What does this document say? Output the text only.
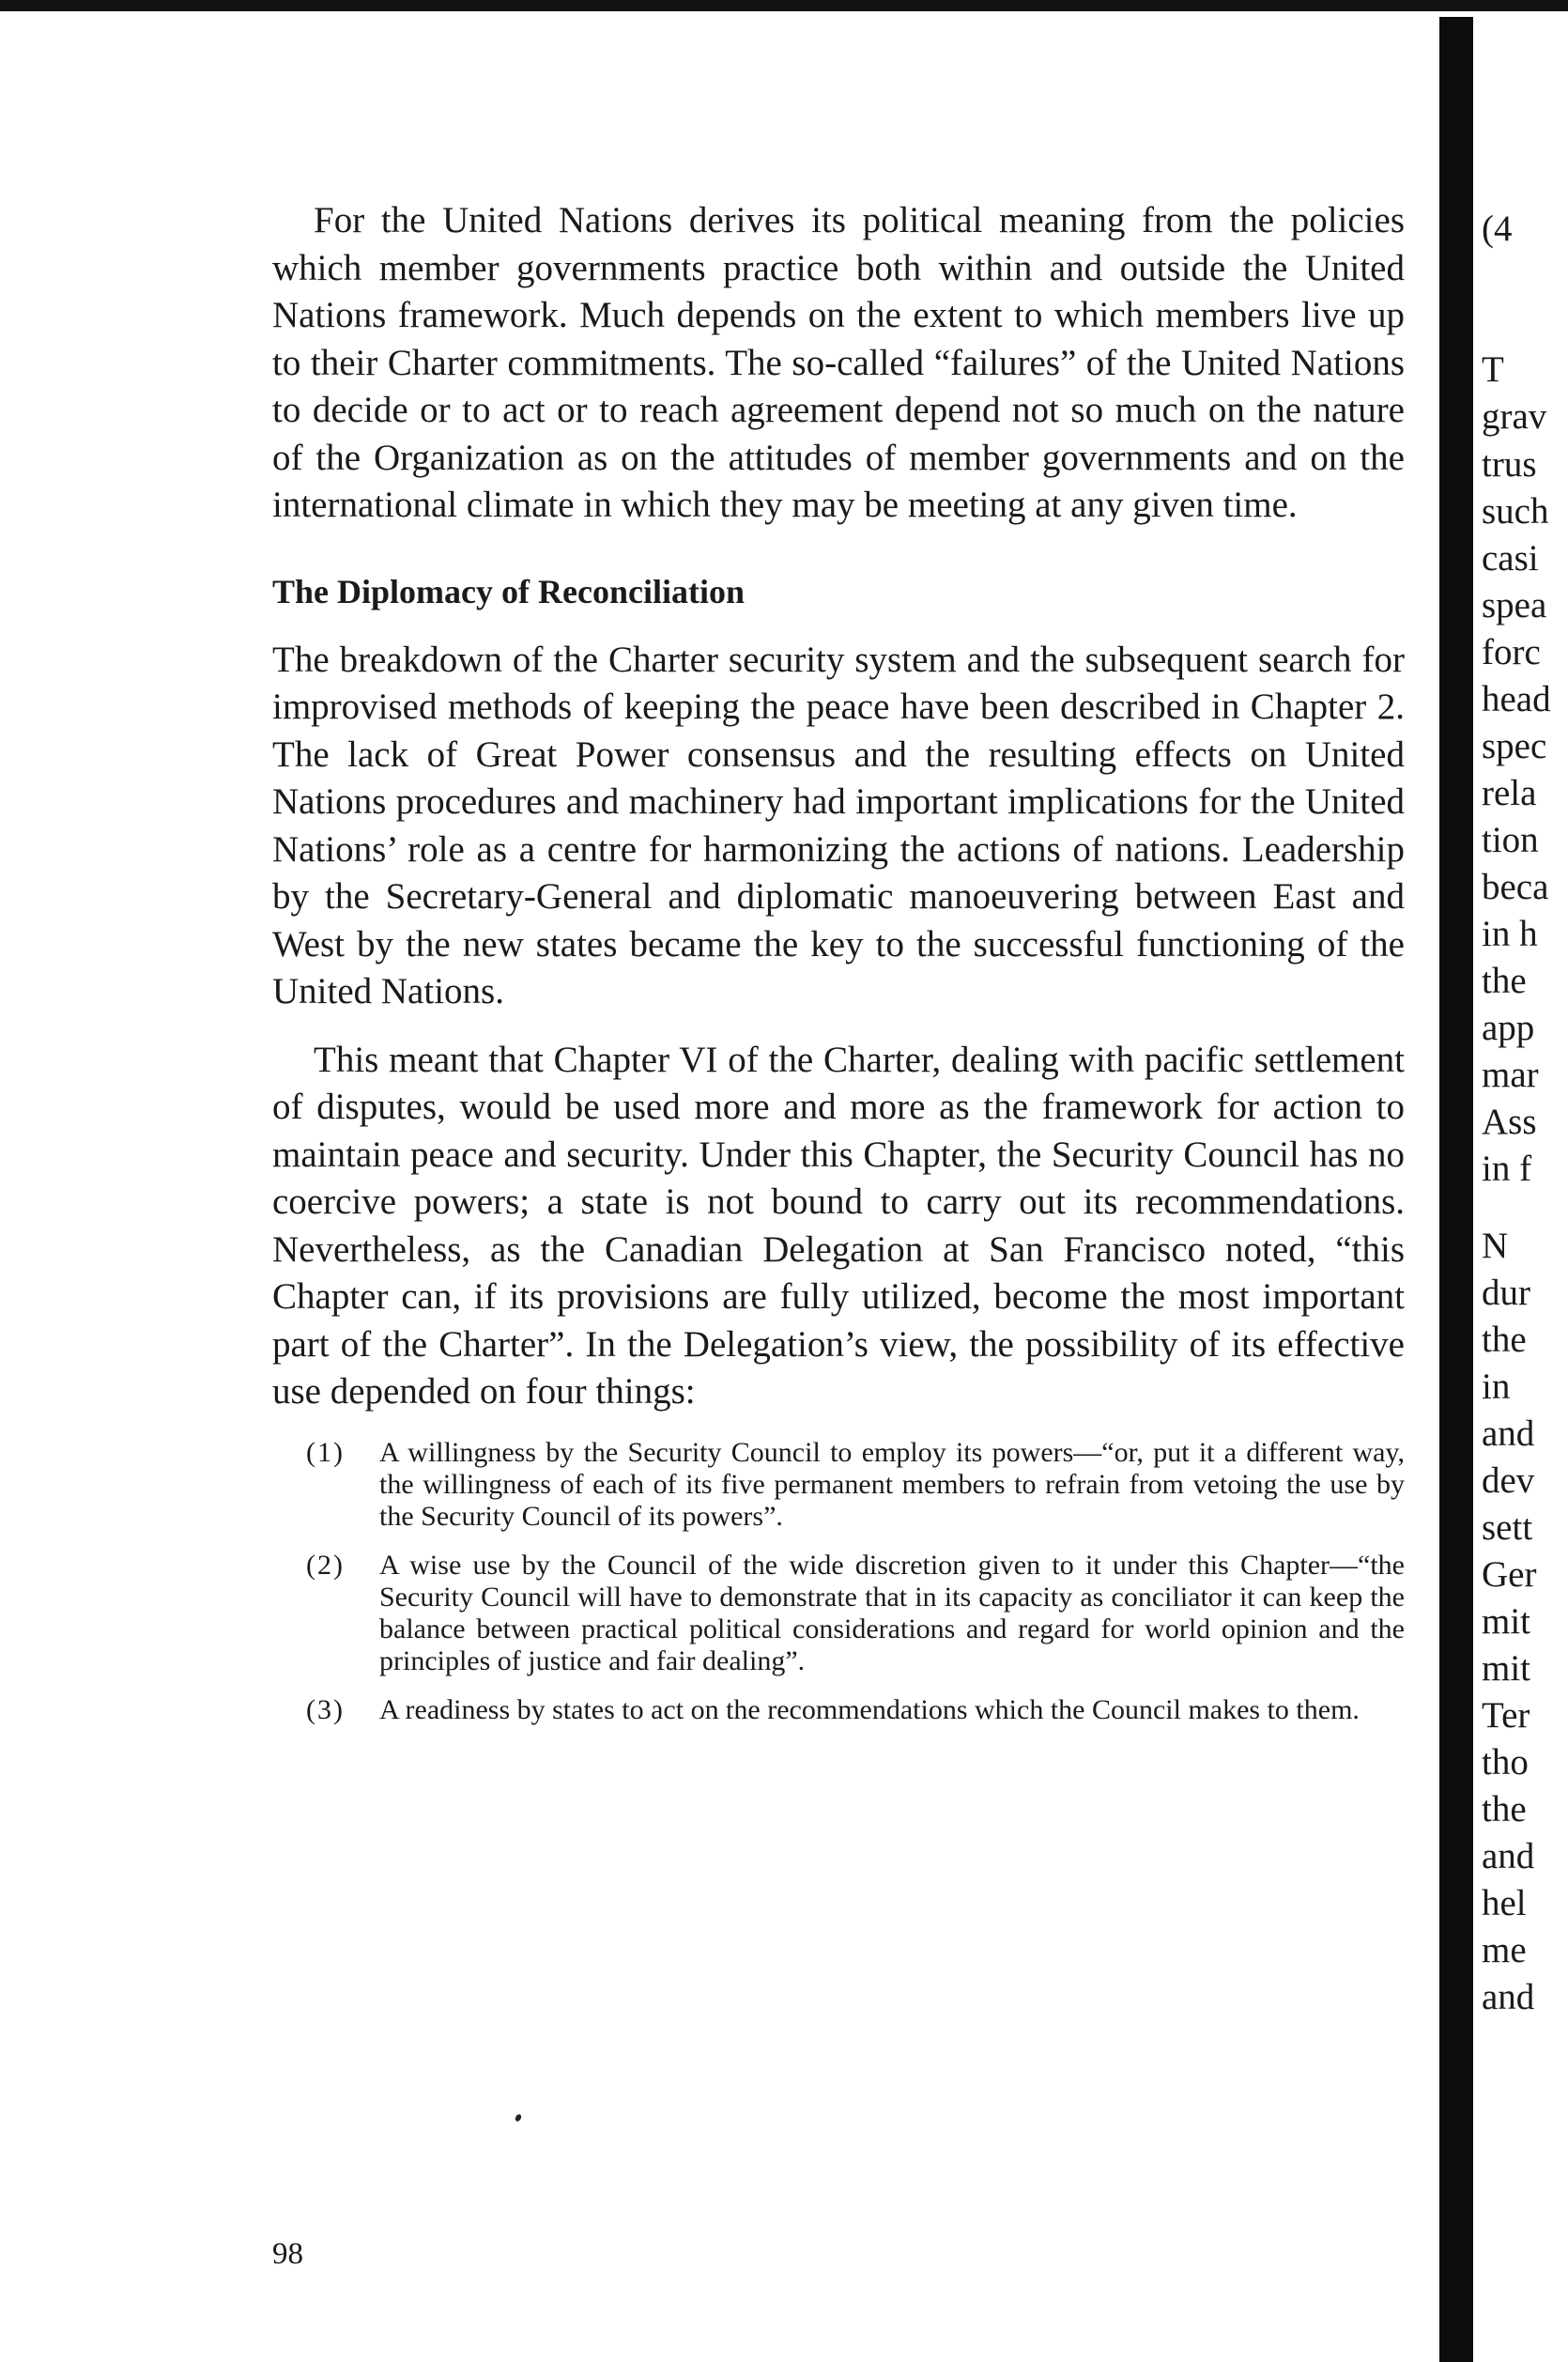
For the United Nations derives its political meaning from the policies which member governments practice both within and outside the United Nations framework. Much depends on the extent to which members live up to their Charter commitments. The so-called “failures” of the United Nations to decide or to act or to reach agreement depend not so much on the nature of the Organization as on the attitudes of member governments and on the international climate in which they may be meeting at any given time.

The Diplomacy of Reconciliation

The breakdown of the Charter security system and the subsequent search for improvised methods of keeping the peace have been described in Chapter 2. The lack of Great Power consensus and the resulting effects on United Nations procedures and machinery had important implications for the United Nations’ role as a centre for harmonizing the actions of nations. Leadership by the Secretary-General and diplomatic manoeuvering between East and West by the new states became the key to the successful functioning of the United Nations.

This meant that Chapter VI of the Charter, dealing with pacific settlement of disputes, would be used more and more as the framework for action to maintain peace and security. Under this Chapter, the Security Council has no coercive powers; a state is not bound to carry out its recommendations. Nevertheless, as the Canadian Delegation at San Francisco noted, “this Chapter can, if its provisions are fully utilized, become the most important part of the Charter”. In the Delegation’s view, the possibility of its effective use depended on four things:

(1)	A willingness by the Security Council to employ its powers—“or, put it a different way, the willingness of each of its five permanent members to refrain from vetoing the use by the Security Council of its powers”.
(2)	A wise use by the Council of the wide discretion given to it under this Chapter—“the Security Council will have to demonstrate that in its capacity as conciliator it can keep the balance between practical political considerations and regard for world opinion and the principles of justice and fair dealing”.
(3)	A readiness by states to act on the recommendations which the Council makes to them.
98
(4
T
grav
trus
such
casi
spea
forc
head
spec
rela
tion
beca
in h
the
app
mar
Ass
in f
N
dur
the
in
and
dev
sett
Ger
mit
mit
Ter
tho
the
and
hel
me
and
